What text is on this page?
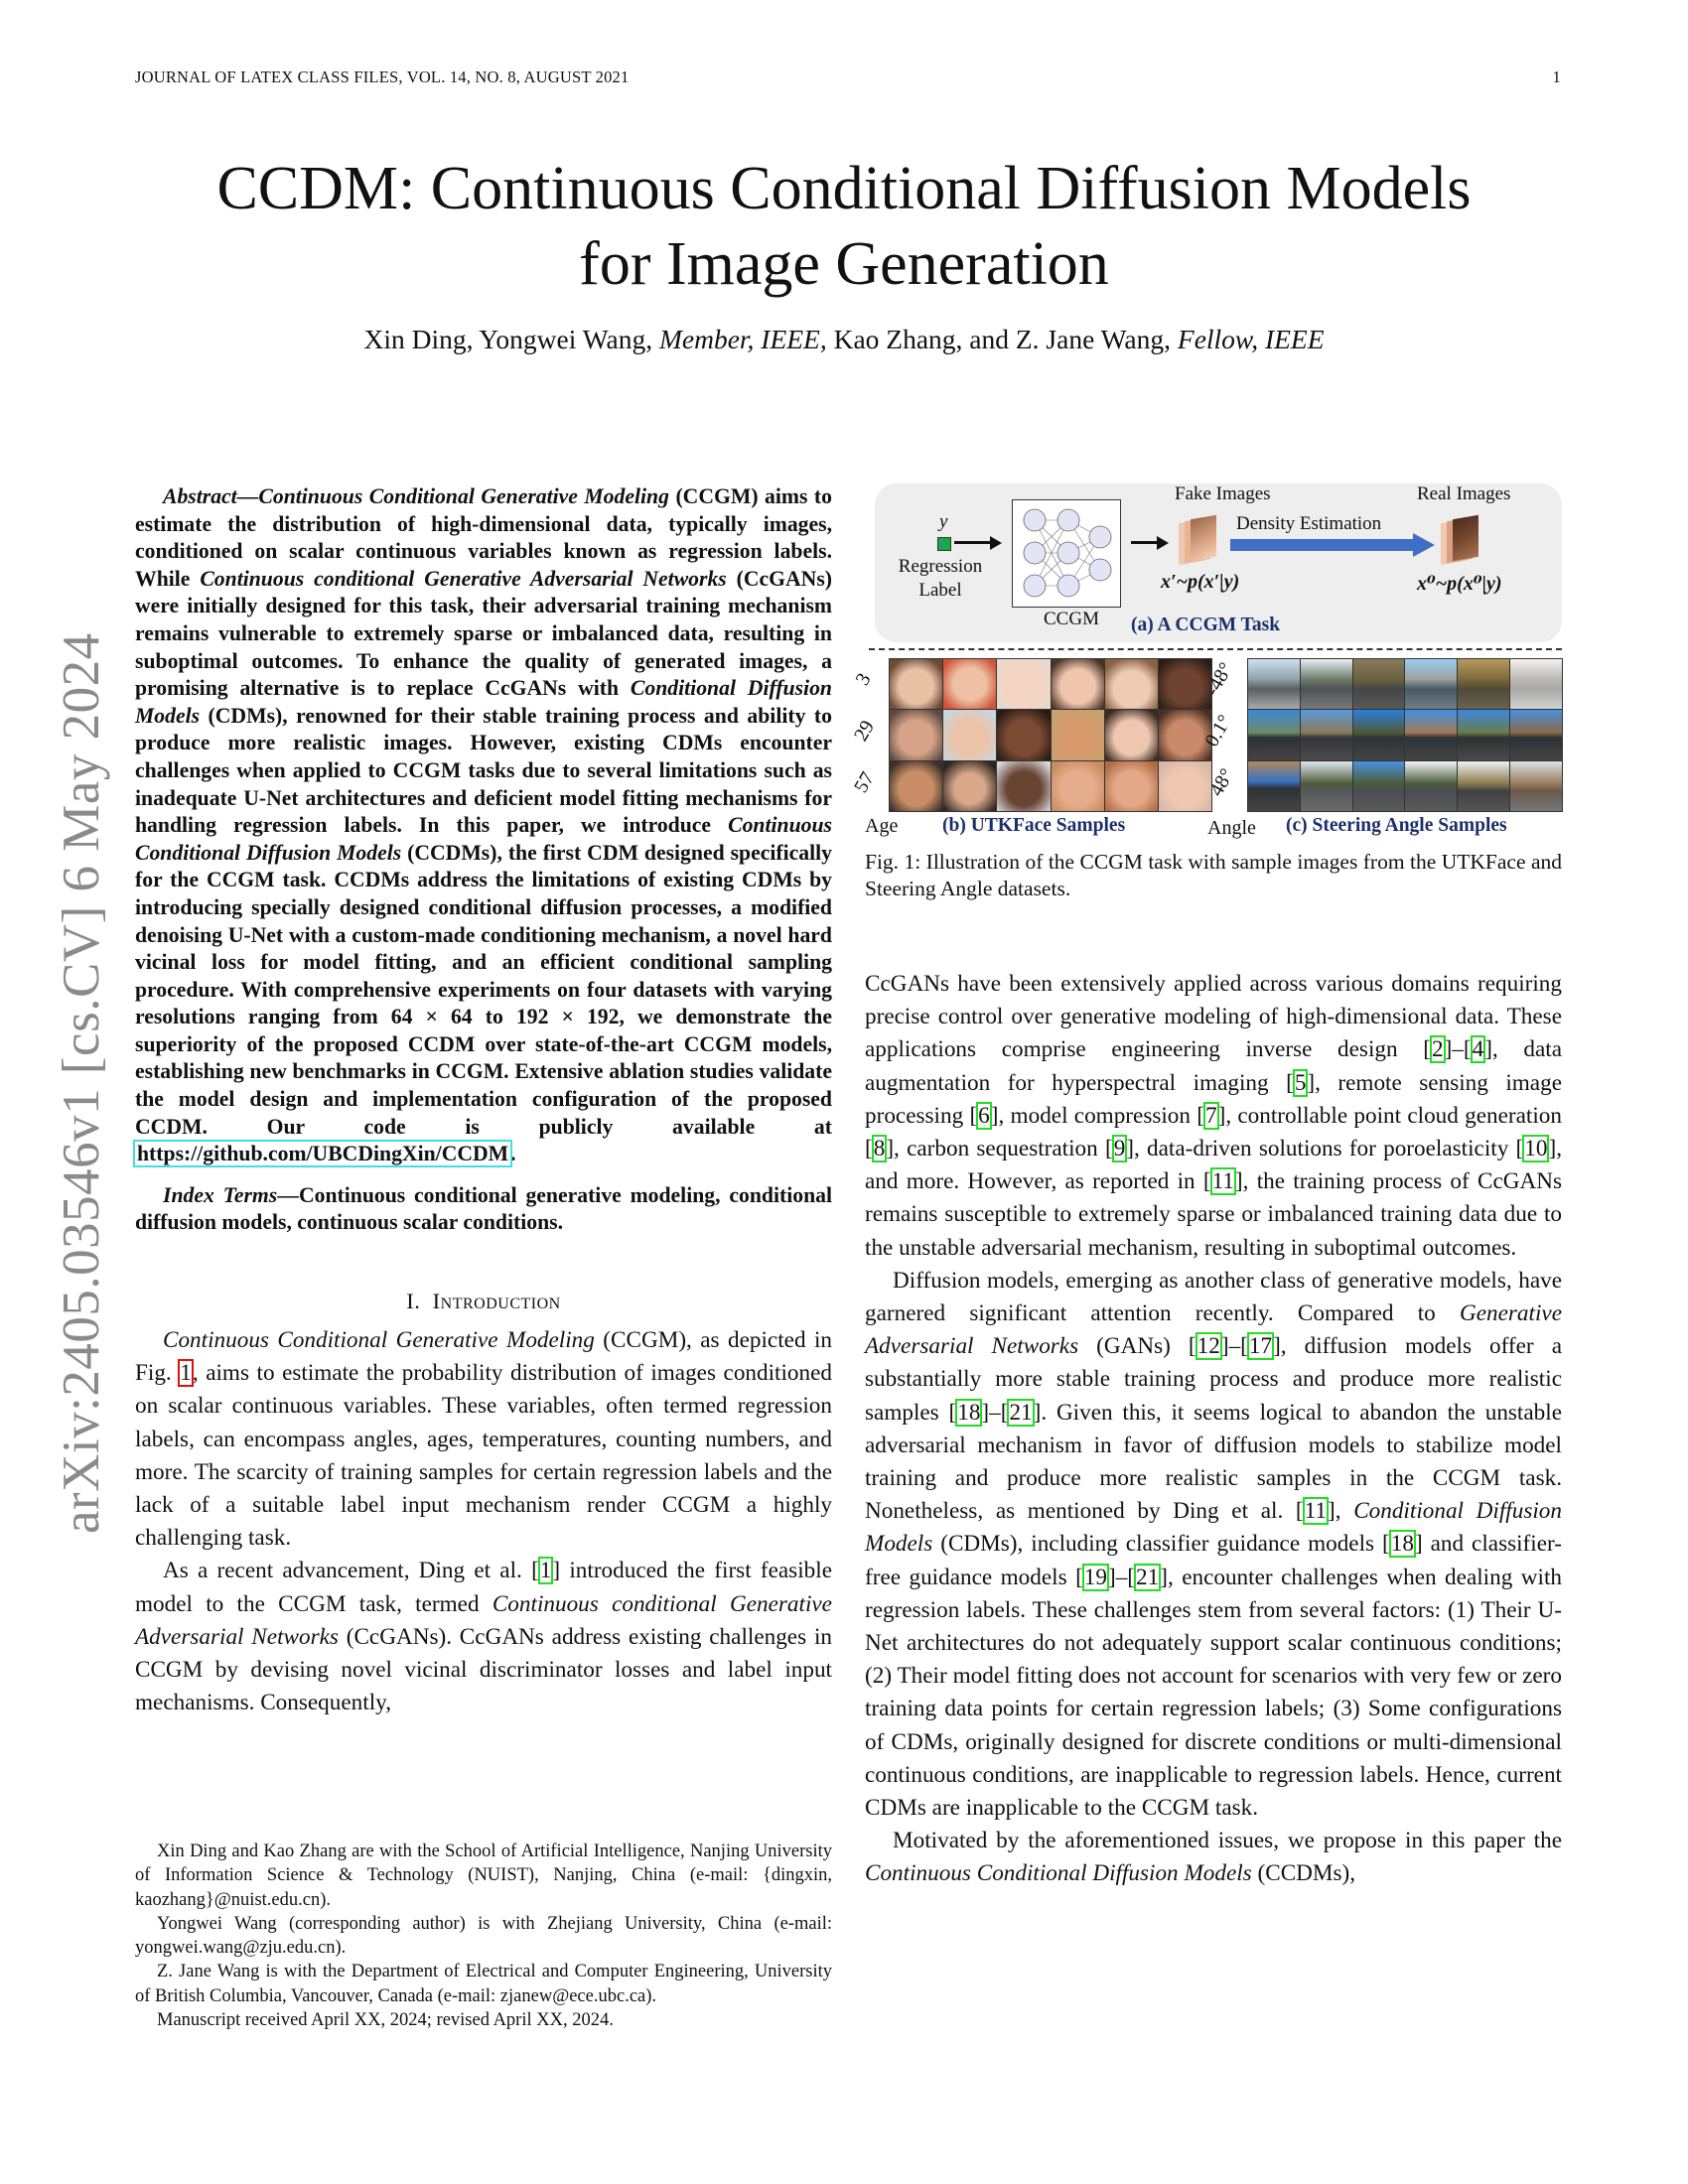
JOURNAL OF LATEX CLASS FILES, VOL. 14, NO. 8, AUGUST 2021	1
arXiv:2405.03546v1 [cs.CV] 6 May 2024
CCDM: Continuous Conditional Diffusion Models
for Image Generation
Xin Ding, Yongwei Wang, Member, IEEE, Kao Zhang, and Z. Jane Wang, Fellow, IEEE

Abstract—Continuous Conditional Generative Modeling (CCGM) aims to estimate the distribution of high-dimensional data, typically images, conditioned on scalar continuous variables known as regression labels. While Continuous conditional Generative Adversarial Networks (CcGANs) were initially designed for this task, their adversarial training mechanism remains vulnerable to extremely sparse or imbalanced data, resulting in suboptimal outcomes. To enhance the quality of generated images, a promising alternative is to replace CcGANs with Conditional Diffusion Models (CDMs), renowned for their stable training process and ability to produce more realistic images. However, existing CDMs encounter challenges when applied to CCGM tasks due to several limitations such as inadequate U-Net architectures and deficient model fitting mechanisms for handling regression labels. In this paper, we introduce Continuous Conditional Diffusion Models (CCDMs), the first CDM designed specifically for the CCGM task. CCDMs address the limitations of existing CDMs by introducing specially designed conditional diffusion processes, a modified denoising U-Net with a custom-made conditioning mechanism, a novel hard vicinal loss for model fitting, and an efficient conditional sampling procedure. With comprehensive experiments on four datasets with varying resolutions ranging from 64 × 64 to 192 × 192, we demonstrate the superiority of the proposed CCDM over state-of-the-art CCGM models, establishing new benchmarks in CCGM. Extensive ablation studies validate the model design and implementation configuration of the proposed CCDM. Our code is publicly available at https://github.com/UBCDingXin/CCDM.

Index Terms—Continuous conditional generative modeling, conditional diffusion models, continuous scalar conditions.

I. Introduction

Continuous Conditional Generative Modeling (CCGM), as depicted in Fig. 1, aims to estimate the probability distribution of images conditioned on scalar continuous variables. These variables, often termed regression labels, can encompass angles, ages, temperatures, counting numbers, and more. The scarcity of training samples for certain regression labels and the lack of a suitable label input mechanism render CCGM a highly challenging task.

As a recent advancement, Ding et al. [1] introduced the first feasible model to the CCGM task, termed Continuous conditional Generative Adversarial Networks (CcGANs). CcGANs address existing challenges in CCGM by devising novel vicinal discriminator losses and label input mechanisms. Consequently,

Xin Ding and Kao Zhang are with the School of Artificial Intelligence, Nanjing University of Information Science & Technology (NUIST), Nanjing, China (e-mail: {dingxin, kaozhang}@nuist.edu.cn).

Yongwei Wang (corresponding author) is with Zhejiang University, China (e-mail: yongwei.wang@zju.edu.cn).

Z. Jane Wang is with the Department of Electrical and Computer Engineering, University of British Columbia, Vancouver, Canada (e-mail: zjanew@ece.ubc.ca).

Manuscript received April XX, 2024; revised April XX, 2024.

y
Regression
Label
CCGM
Fake Images
x′~p(x′|y)
Density Estimation
Real Images
x⁰~p(x⁰|y)
(a) A CCGM Task
3
29
57
Age (b) UTKFace Samples
-48°
0.1°
48°
Angle (c) Steering Angle Samples
Fig. 1: Illustration of the CCGM task with sample images from the UTKFace and Steering Angle datasets.

CcGANs have been extensively applied across various domains requiring precise control over generative modeling of high-dimensional data. These applications comprise engineering inverse design [2]–[4], data augmentation for hyperspectral imaging [5], remote sensing image processing [6], model compression [7], controllable point cloud generation [8], carbon sequestration [9], data-driven solutions for poroelasticity [10], and more. However, as reported in [11], the training process of CcGANs remains susceptible to extremely sparse or imbalanced training data due to the unstable adversarial mechanism, resulting in suboptimal outcomes.

Diffusion models, emerging as another class of generative models, have garnered significant attention recently. Compared to Generative Adversarial Networks (GANs) [12]–[17], diffusion models offer a substantially more stable training process and produce more realistic samples [18]–[21]. Given this, it seems logical to abandon the unstable adversarial mechanism in favor of diffusion models to stabilize model training and produce more realistic samples in the CCGM task. Nonetheless, as mentioned by Ding et al. [11], Conditional Diffusion Models (CDMs), including classifier guidance models [18] and classifier-free guidance models [19]–[21], encounter challenges when dealing with regression labels. These challenges stem from several factors: (1) Their U-Net architectures do not adequately support scalar continuous conditions; (2) Their model fitting does not account for scenarios with very few or zero training data points for certain regression labels; (3) Some configurations of CDMs, originally designed for discrete conditions or multi-dimensional continuous conditions, are inapplicable to regression labels. Hence, current CDMs are inapplicable to the CCGM task.

Motivated by the aforementioned issues, we propose in this paper the Continuous Conditional Diffusion Models (CCDMs),
